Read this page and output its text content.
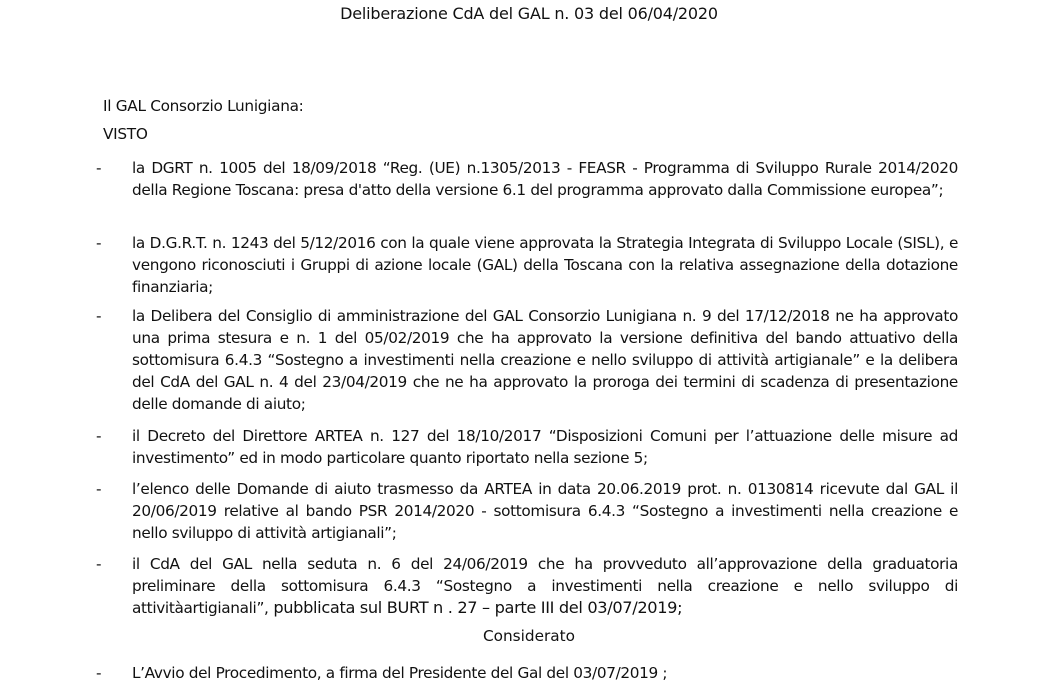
Deliberazione CdA del GAL n. 03 del 06/04/2020
Il GAL Consorzio Lunigiana:
VISTO
-	la DGRT n. 1005 del 18/09/2018 “Reg. (UE) n.1305/2013 - FEASR - Programma di Sviluppo Rurale 2014/2020 della Regione Toscana: presa d'atto della versione 6.1 del programma approvato dalla Commissione europea”;
-	la D.G.R.T. n. 1243 del 5/12/2016 con la quale viene approvata la Strategia Integrata di Sviluppo Locale (SISL), e vengono riconosciuti i Gruppi di azione locale (GAL) della Toscana con la relativa assegnazione della dotazione finanziaria;
-	la Delibera del Consiglio di amministrazione del GAL Consorzio Lunigiana n. 9 del 17/12/2018 ne ha approvato una prima stesura e n. 1 del 05/02/2019 che ha approvato la versione definitiva del bando attuativo della sottomisura 6.4.3 “Sostegno a investimenti nella creazione e nello sviluppo di attività artigianale” e la delibera del CdA del GAL n. 4 del 23/04/2019 che ne ha approvato la proroga dei termini di scadenza di presentazione delle domande di aiuto;
-	il Decreto del Direttore ARTEA n. 127 del 18/10/2017 “Disposizioni Comuni per l’attuazione delle misure ad investimento” ed in modo particolare quanto riportato nella sezione 5;
-	l’elenco delle Domande di aiuto trasmesso da ARTEA in data 20.06.2019 prot. n. 0130814 ricevute dal GAL il 20/06/2019 relative al bando PSR 2014/2020 - sottomisura 6.4.3 “Sostegno a investimenti nella creazione e nello sviluppo di attività artigianali”;
-	il CdA del GAL nella seduta n. 6 del 24/06/2019 che ha provveduto all’approvazione della graduatoria preliminare della sottomisura 6.4.3 “Sostegno a investimenti nella creazione e nello sviluppo di attivitàartigianali”, pubblicata sul BURT n . 27 – parte III del 03/07/2019;
Considerato
-	L’Avvio del Procedimento, a firma del Presidente del Gal del 03/07/2019 ;
